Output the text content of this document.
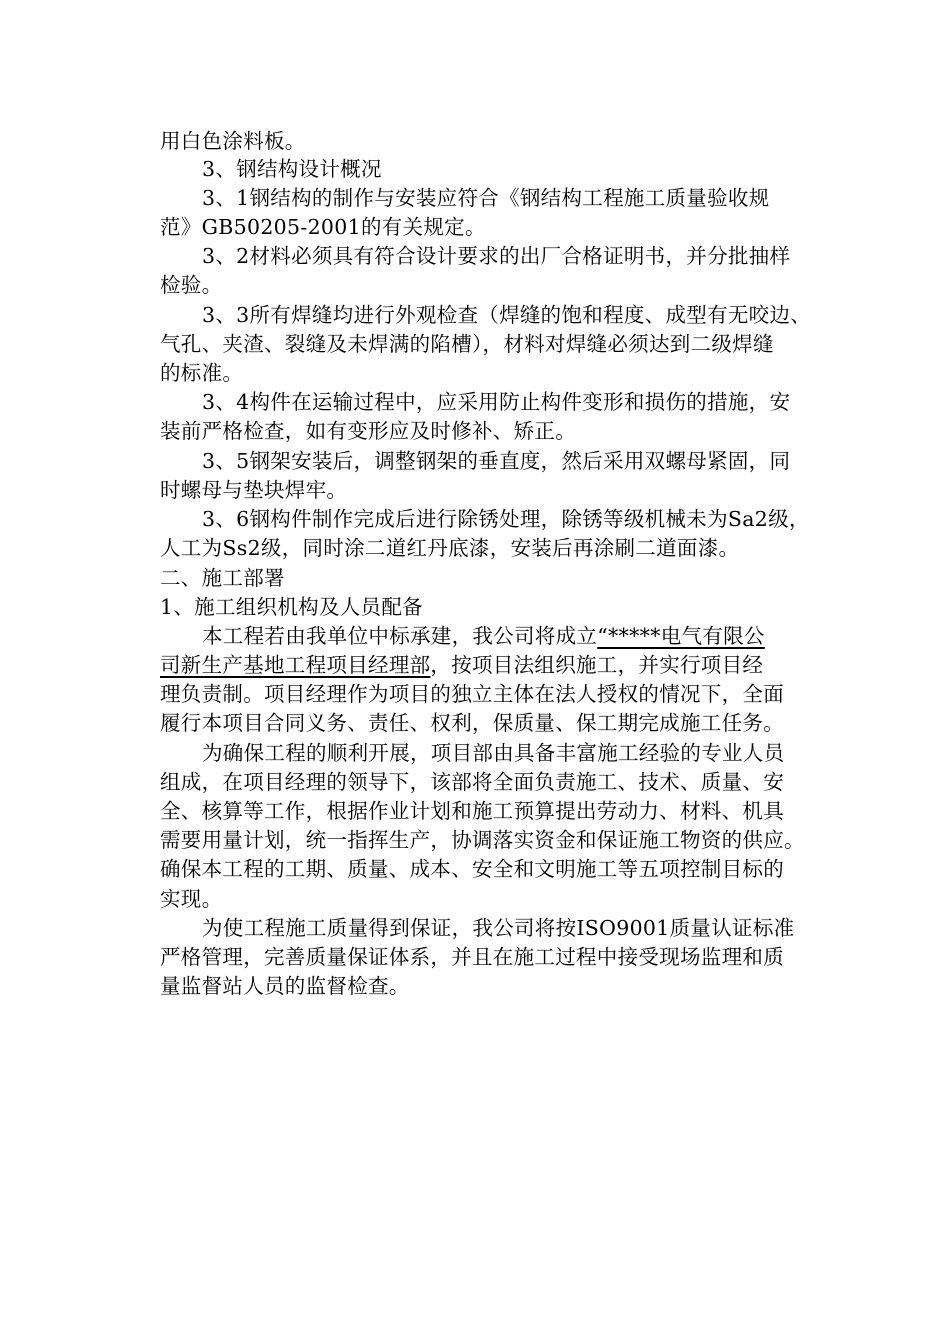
用白色涂料板。
3、钢结构设计概况
3、1钢结构的制作与安装应符合《钢结构工程施工质量验收规
范》GB50205-2001的有关规定。
3、2材料必须具有符合设计要求的出厂合格证明书，并分批抽样
检验。
3、3所有焊缝均进行外观检查（焊缝的饱和程度、成型有无咬边、
气孔、夹渣、裂缝及未焊满的陷槽），材料对焊缝必须达到二级焊缝
的标准。
3、4构件在运输过程中，应采用防止构件变形和损伤的措施，安
装前严格检查，如有变形应及时修补、矫正。
3、5钢架安装后，调整钢架的垂直度，然后采用双螺母紧固，同
时螺母与垫块焊牢。
3、6钢构件制作完成后进行除锈处理，除锈等级机械未为Sa2级，
人工为Ss2级，同时涂二道红丹底漆，安装后再涂刷二道面漆。
二、施工部署
1、施工组织机构及人员配备
本工程若由我单位中标承建，我公司将成立“*****电气有限公
司新生产基地工程项目经理部，按项目法组织施工，并实行项目经
理负责制。项目经理作为项目的独立主体在法人授权的情况下，全面
履行本项目合同义务、责任、权利，保质量、保工期完成施工任务。
为确保工程的顺利开展，项目部由具备丰富施工经验的专业人员
组成，在项目经理的领导下，该部将全面负责施工、技术、质量、安
全、核算等工作，根据作业计划和施工预算提出劳动力、材料、机具
需要用量计划，统一指挥生产，协调落实资金和保证施工物资的供应。
确保本工程的工期、质量、成本、安全和文明施工等五项控制目标的
实现。
为使工程施工质量得到保证，我公司将按ISO9001质量认证标准
严格管理，完善质量保证体系，并且在施工过程中接受现场监理和质
量监督站人员的监督检查。
